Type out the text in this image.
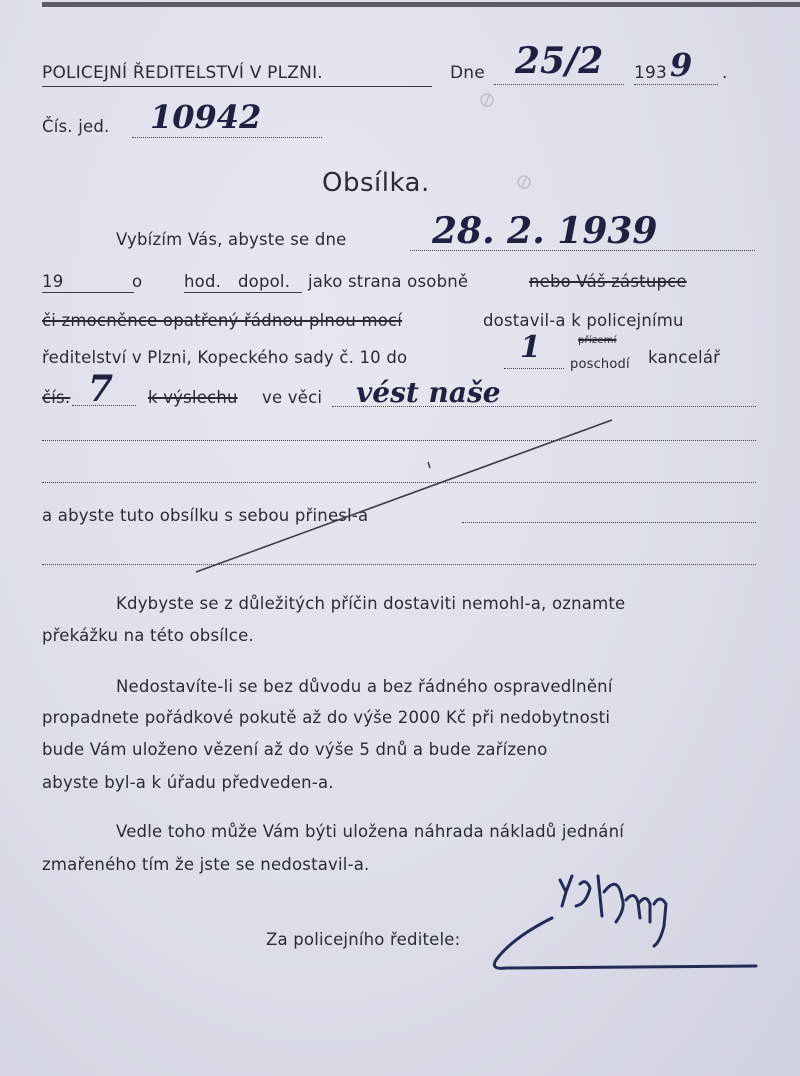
⊘
⊘
POLICEJNÍ ŘEDITELSTVÍ V PLZNI.	Dne 25/2 193 9 .
Čís. jed. 10942
Obsílka.
Vybízím Vás, abyste se dne 28. 2. 1939
19	o	hod. dopol. jako strana osobně	nebo Váš zástupce
či zmocněnce opatřený řádnou plnou mocí	dostavil-a k policejnímu
ředitelství v Plzni, Kopeckého sady č. 10 do	1	přízemí
poschodí kancelář
čís. 7 k výslechu ve věci vést naše
a abyste tuto obsílku s sebou přinesl-a
Kdybyste se z důležitých příčin dostaviti nemohl-a, oznamte
překážku na této obsílce.
Nedostavíte-li se bez důvodu a bez řádného ospravedlnění
propadnete pořádkové pokutě až do výše 2000 Kč při nedobytnosti
bude Vám uloženo vězení až do výše 5 dnů a bude zařízeno
abyste byl-a k úřadu předveden-a.
Vedle toho může Vám býti uložena náhrada nákladů jednání
zmařeného tím že jste se nedostavil-a.
Za policejního ředitele:
